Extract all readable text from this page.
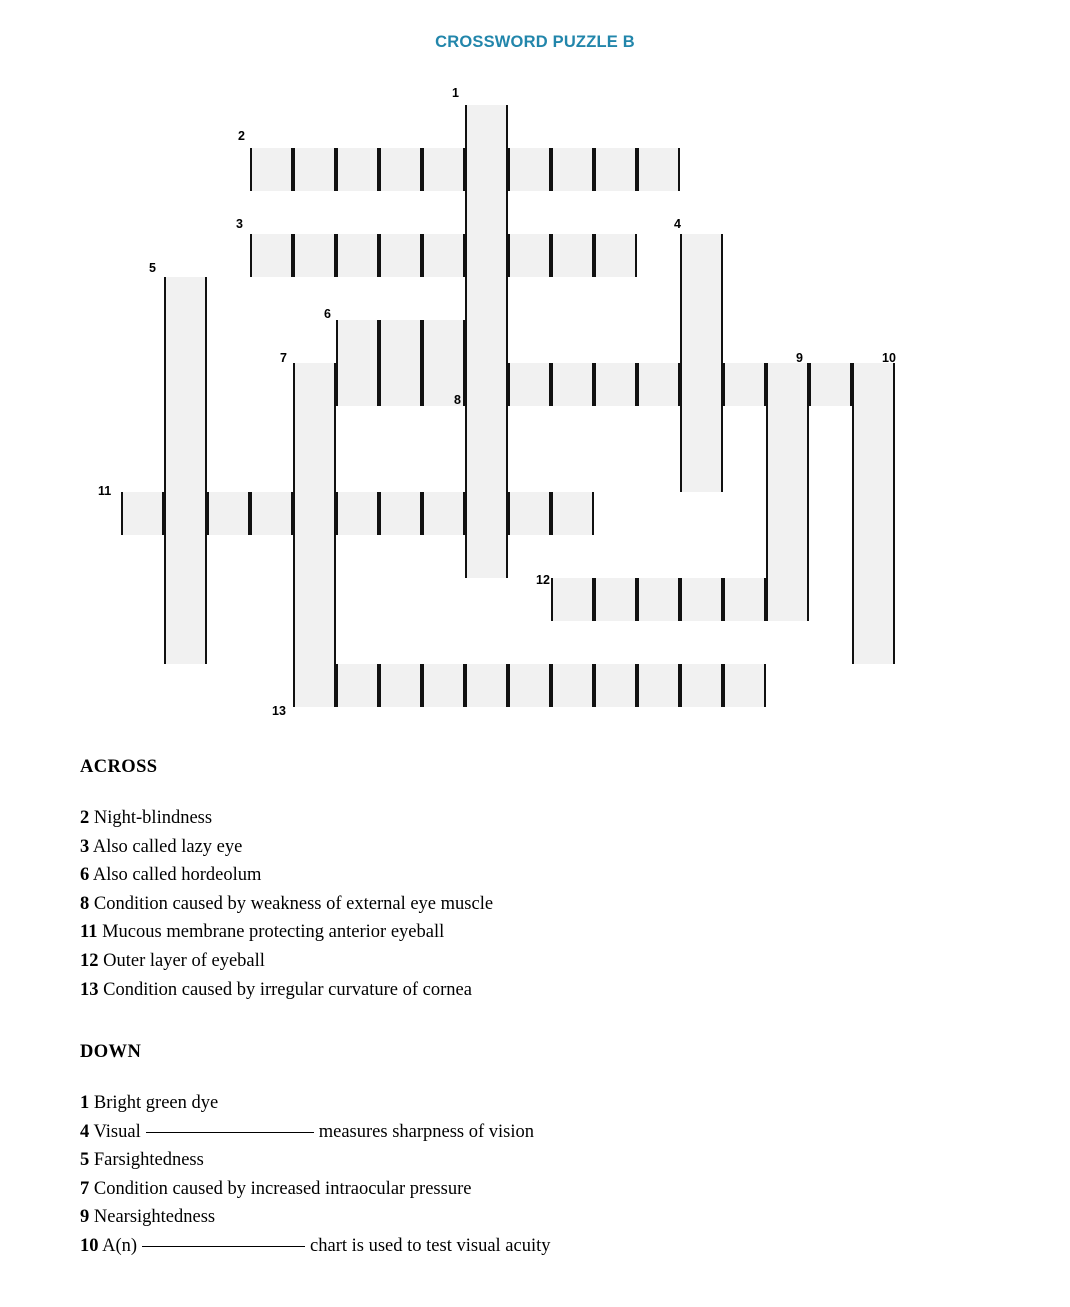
CROSSWORD PUZZLE B
1
2
3	4
5
6
7
8
9	10
11
12
13
ACROSS
2 Night-blindness
3 Also called lazy eye
6 Also called hordeolum
8 Condition caused by weakness of external eye muscle
11 Mucous membrane protecting anterior eyeball
12 Outer layer of eyeball
13 Condition caused by irregular curvature of cornea
DOWN
1 Bright green dye
4 Visual	measures sharpness of vision
5 Farsightedness
7 Condition caused by increased intraocular pressure
9 Nearsightedness
10 A(n)	chart is used to test visual acuity
